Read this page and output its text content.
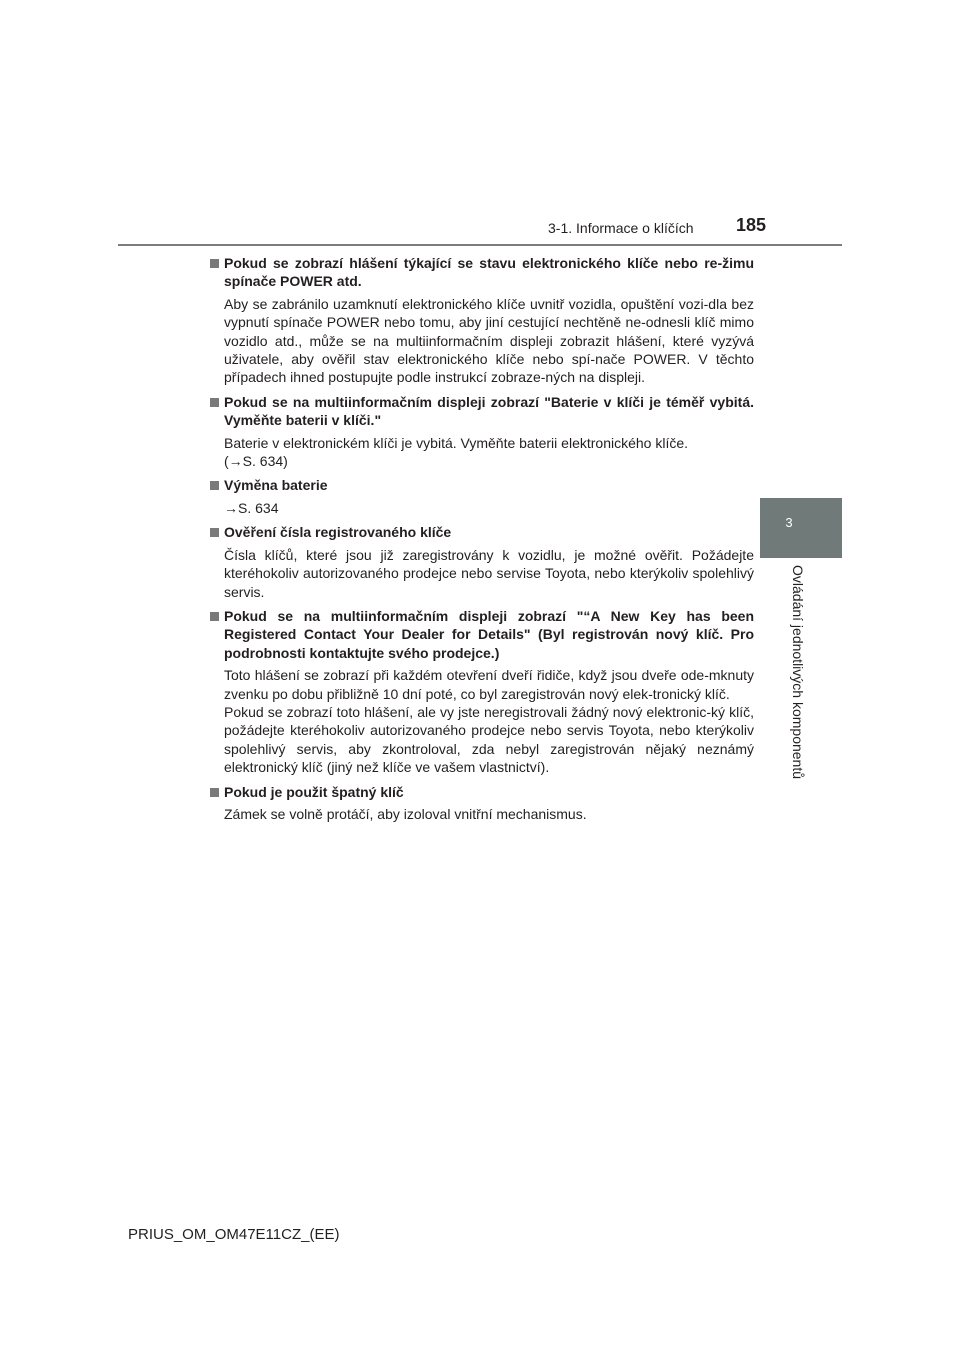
3-1. Informace o klíčích 185
3
Ovládání jednotlivých komponentů
Pokud se zobrazí hlášení týkající se stavu elektronického klíče nebo re-žimu spínače POWER atd.
Aby se zabránilo uzamknutí elektronického klíče uvnitř vozidla, opuštění vozi-dla bez vypnutí spínače POWER nebo tomu, aby jiní cestující nechtěně ne-odnesli klíč mimo vozidlo atd., může se na multiinformačním displeji zobrazit hlášení, které vyzývá uživatele, aby ověřil stav elektronického klíče nebo spí-nače POWER. V těchto případech ihned postupujte podle instrukcí zobraze-ných na displeji.
Pokud se na multiinformačním displeji zobrazí "Baterie v klíči je téměř vybitá. Vyměňte baterii v klíči."
Baterie v elektronickém klíči je vybitá. Vyměňte baterii elektronického klíče.
(→S. 634)
Výměna baterie
→S. 634
Ověření čísla registrovaného klíče
Čísla klíčů, které jsou již zaregistrovány k vozidlu, je možné ověřit. Požádejte kteréhokoliv autorizovaného prodejce nebo servise Toyota, nebo kterýkoliv spolehlivý servis.
Pokud se na multiinformačním displeji zobrazí "“A New Key has been Registered Contact Your Dealer for Details" (Byl registrován nový klíč. Pro podrobnosti kontaktujte svého prodejce.)
Toto hlášení se zobrazí při každém otevření dveří řidiče, když jsou dveře ode-mknuty zvenku po dobu přibližně 10 dní poté, co byl zaregistrován nový elek-tronický klíč.
Pokud se zobrazí toto hlášení, ale vy jste neregistrovali žádný nový elektronic-ký klíč, požádejte kteréhokoliv autorizovaného prodejce nebo servis Toyota, nebo kterýkoliv spolehlivý servis, aby zkontroloval, zda nebyl zaregistrován nějaký neznámý elektronický klíč (jiný než klíče ve vašem vlastnictví).
Pokud je použit špatný klíč
Zámek se volně protáčí, aby izoloval vnitřní mechanismus.
PRIUS_OM_OM47E11CZ_(EE)
